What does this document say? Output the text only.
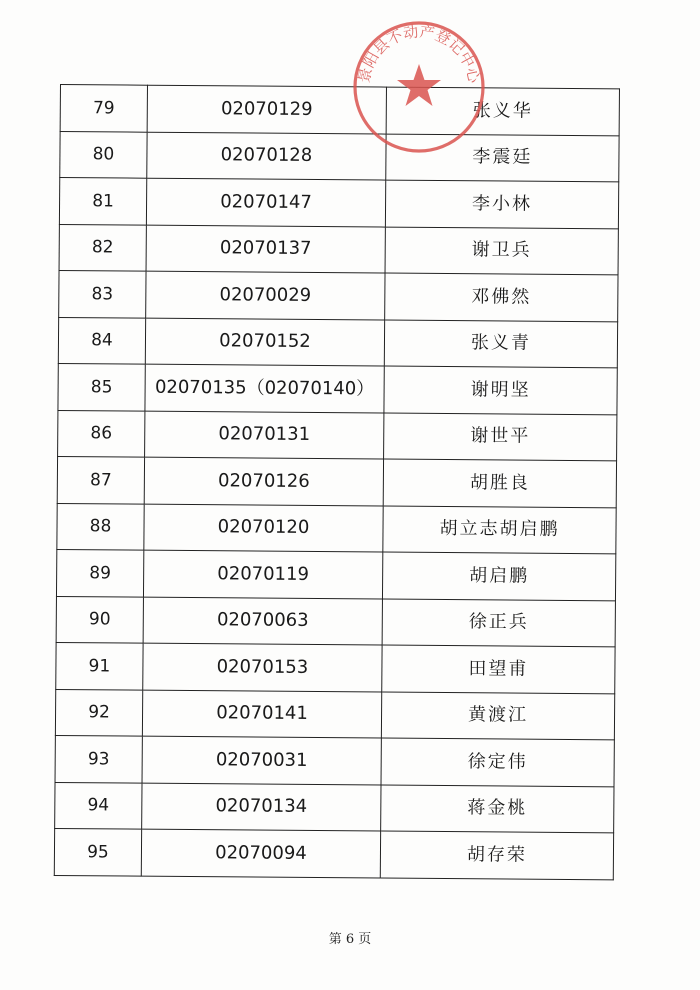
79	02070129	张义华
80	02070128	李震廷
81	02070147	李小林
82	02070137	谢卫兵
83	02070029	邓佛然
84	02070152	张义青
85	02070135（02070140）	谢明坚
86	02070131	谢世平
87	02070126	胡胜良
88	02070120	胡立志胡启鹏
89	02070119	胡启鹏
90	02070063	徐正兵
91	02070153	田望甫
92	02070141	黄渡江
93	02070031	徐定伟
94	02070134	蒋金桃
95	02070094	胡存荣
景阳县不动产登记中心
第 6 页
